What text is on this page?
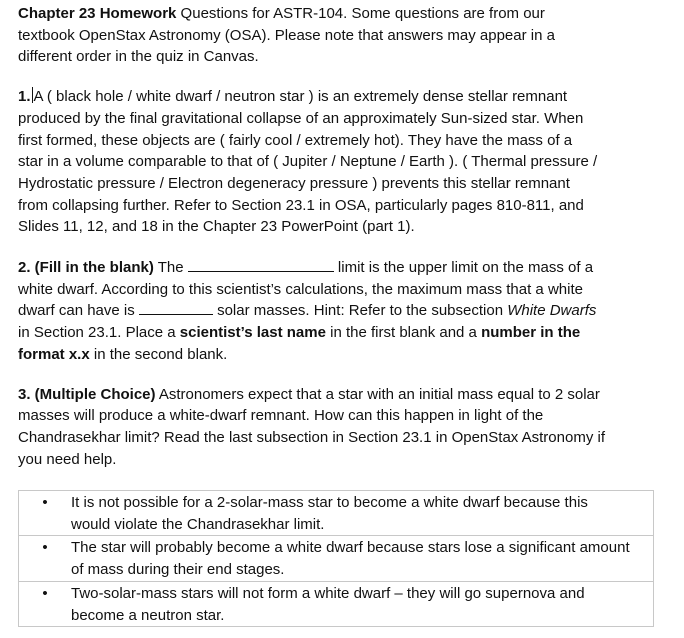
Chapter 23 Homework Questions for ASTR-104. Some questions are from our textbook OpenStax Astronomy (OSA). Please note that answers may appear in a different order in the quiz in Canvas.

1. A ( black hole / white dwarf / neutron star ) is an extremely dense stellar remnant produced by the final gravitational collapse of an approximately Sun-sized star. When first formed, these objects are ( fairly cool / extremely hot). They have the mass of a star in a volume comparable to that of ( Jupiter / Neptune / Earth ). ( Thermal pressure / Hydrostatic pressure / Electron degeneracy pressure ) prevents this stellar remnant from collapsing further. Refer to Section 23.1 in OSA, particularly pages 810-811, and Slides 11, 12, and 18 in the Chapter 23 PowerPoint (part 1).

2. (Fill in the blank) The	limit is the upper limit on the mass of a white dwarf. According to this scientist’s calculations, the maximum mass that a white dwarf can have is	solar masses. Hint: Refer to the subsection White Dwarfs in Section 23.1. Place a scientist’s last name in the first blank and a number in the format x.x in the second blank.

3. (Multiple Choice) Astronomers expect that a star with an initial mass equal to 2 solar masses will produce a white-dwarf remnant. How can this happen in light of the Chandrasekhar limit? Read the last subsection in Section 23.1 in OpenStax Astronomy if you need help.

•	It is not possible for a 2-solar-mass star to become a white dwarf because this would violate the Chandrasekhar limit.

•	The star will probably become a white dwarf because stars lose a significant amount of mass during their end stages.

•	Two-solar-mass stars will not form a white dwarf – they will go supernova and become a neutron star.
